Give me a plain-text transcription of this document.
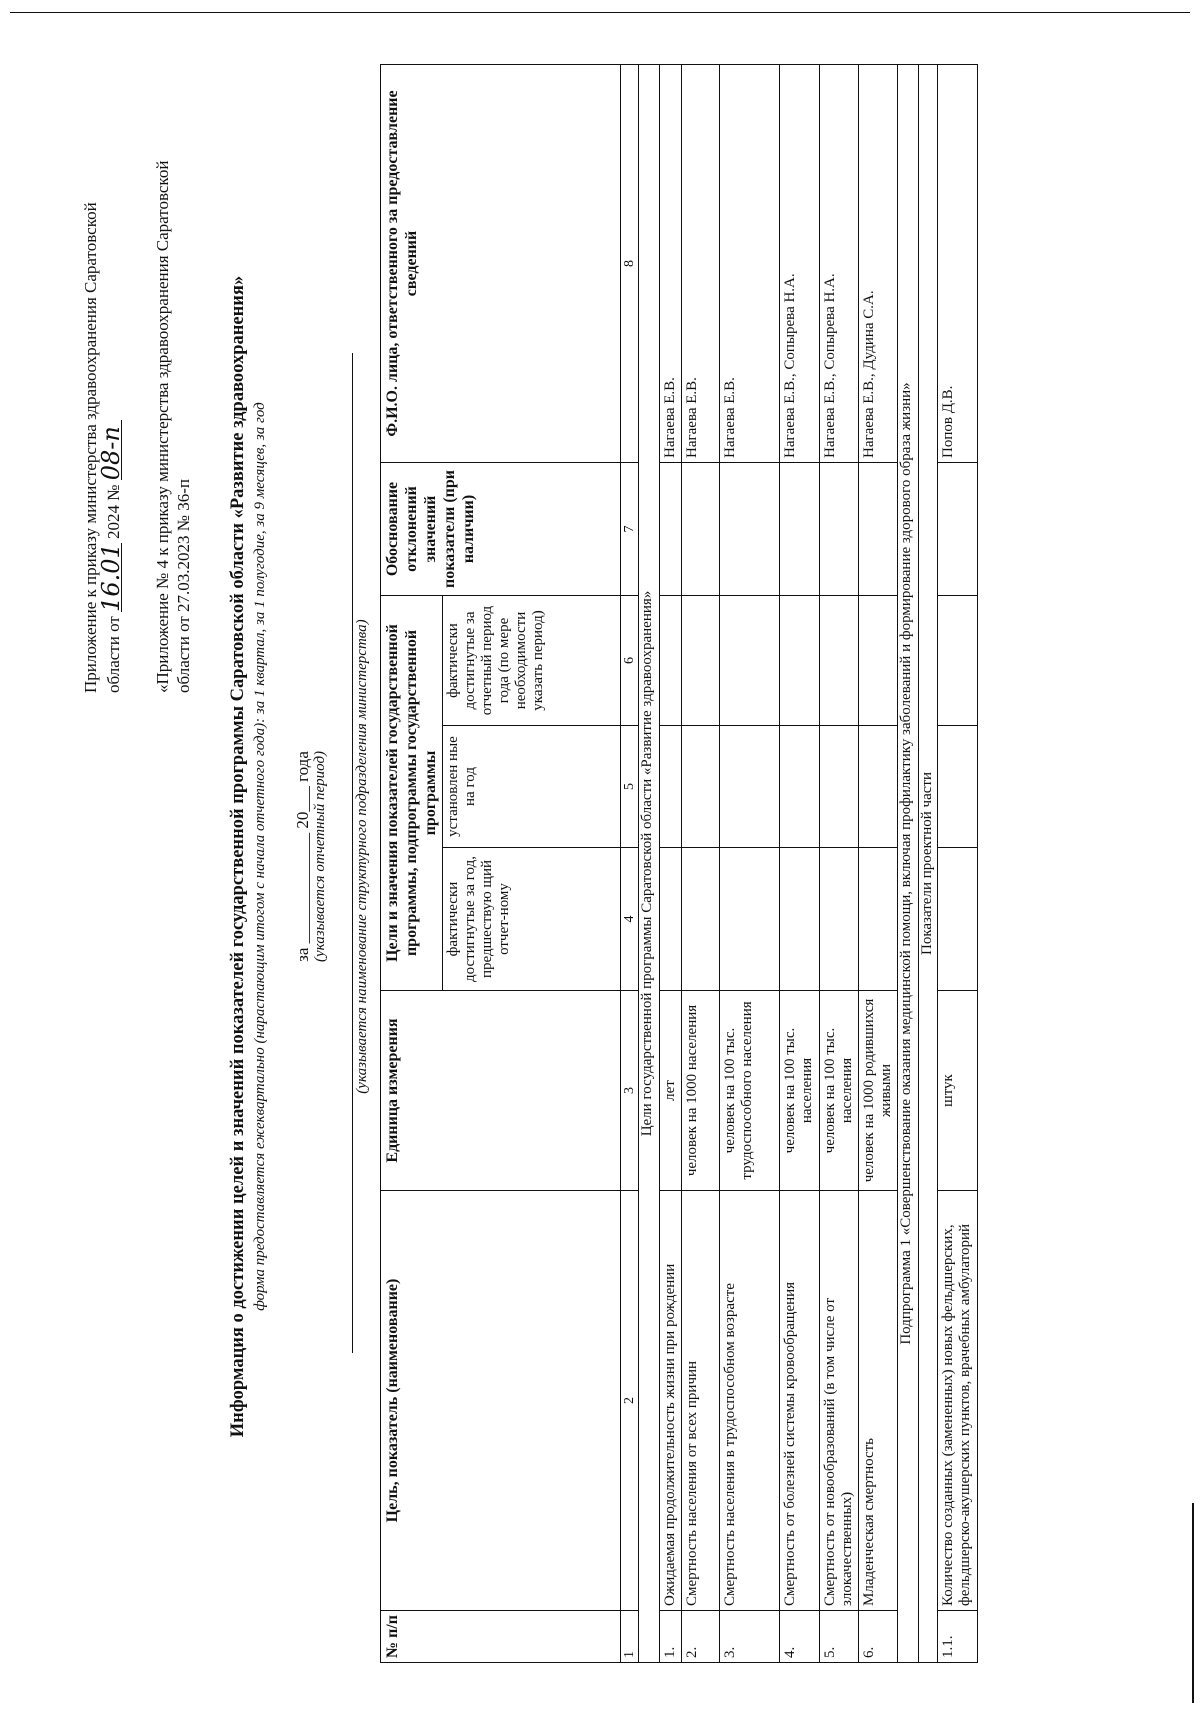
Приложение к приказу министерства здравоохранения Саратовской области от 16.01 2024 № 08-п «Приложение № 4 к приказу министерства здравоохранения Саратовской области от 27.03.2023 № 36-п Информация о достижении целей и значений показателей государственной программы Саратовской области «Развитие здравоохранения» форма предоставляется ежеквартально (нарастающим итогом с начала отчетного года): за 1 квартал, за 1 полугодие, за 9 месяцев, за год за _____________ 20___ года (указывается отчетный период) (указывается наименование структурного подразделения министерства)
№ п/п	Цель, показатель (наименование)	Единица измерения	Цели и значения показателей государственной программы, подпрограммы государственной программы			Обоснование отклонений значений показатели (при наличии)	Ф.И.О. лица, ответственного за предоставление сведений
			фактически достигнутые за год, предшествую щий отчет-ному	установлен ные на год	фактически достигнутые за отчетный период года (по мере необходимости указать период)		
1	2	3	4	5	6	7	8
Цели государственной программы Саратовской области «Развитие здравоохранения»							
1.	Ожидаемая продолжительность жизни при рождении	лет					Нагаева Е.В.
2.	Смертность населения от всех причин	человек на 1000 населения					Нагаева Е.В.
3.	Смертность населения в трудоспособном возрасте	человек на 100 тыс. трудоспособного населения					Нагаева Е.В.
4.	Смертность от болезней системы кровообращения	человек на 100 тыс. населения					Нагаева Е.В., Сопырева Н.А.
5.	Смертность от новообразований (в том числе от злокачественных)	человек на 100 тыс. населения					Нагаева Е.В., Сопырева Н.А.
6.	Младенческая смертность	человек на 1000 родившихся живыми					Нагаева Е.В., Дудина С.А.
Подпрограмма 1 «Совершенствование оказания медицинской помощи, включая профилактику заболеваний и формирование здорового образа жизни»							
Показатели проектной части							
1.1.	Количество созданных (замененных) новых фельдшерских, фельдшерско-акушерских пунктов, врачебных амбулаторий	штук					Попов Д.В.
